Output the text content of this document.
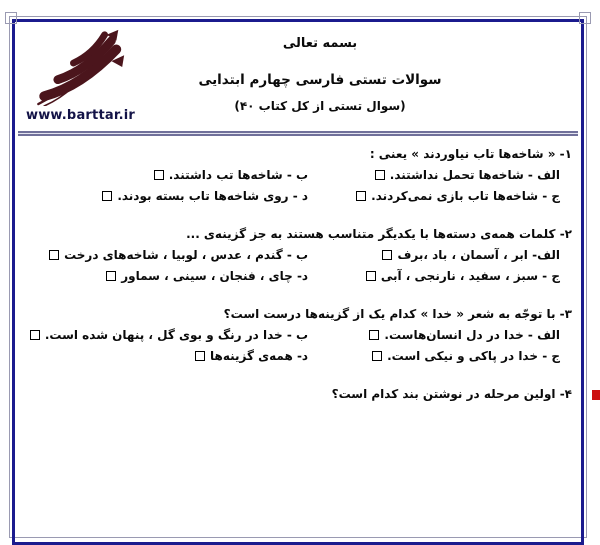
www.barttar.ir
بسمه تعالی
سوالات تستی فارسی چهارم ابتدایی
(۴۰ سوال تستی از کل کتاب)
۱- « شاخه‌ها تاب نیاوردند » یعنی :
الف - شاخه‌ها تحمل نداشتند.
ب - شاخه‌ها تب داشتند.
ج - شاخه‌ها تاب بازی نمی‌کردند.
د - روی شاخه‌ها تاب بسته بودند.
۲- کلمات همه‌ی دسته‌ها با یکدیگر متناسب هستند به جز گزینه‌ی ...
الف- ابر ، آسمان ، باد ،برف
ب - گندم ، عدس ، لوبیا ، شاخه‌های درخت
ج - سبز ، سفید ، نارنجی ، آبی
د- چای ، فنجان ، سینی ، سماور
۳- با توجّه به شعر « خدا » کدام یک از گزینه‌ها درست است؟
الف - خدا در دل انسان‌هاست.
ب - خدا در رنگ و بوی گل ، پنهان شده است.
ج - خدا در پاکی و نیکی است.
د- همه‌ی گزینه‌ها
۴- اولین مرحله در نوشتن بند کدام است؟
